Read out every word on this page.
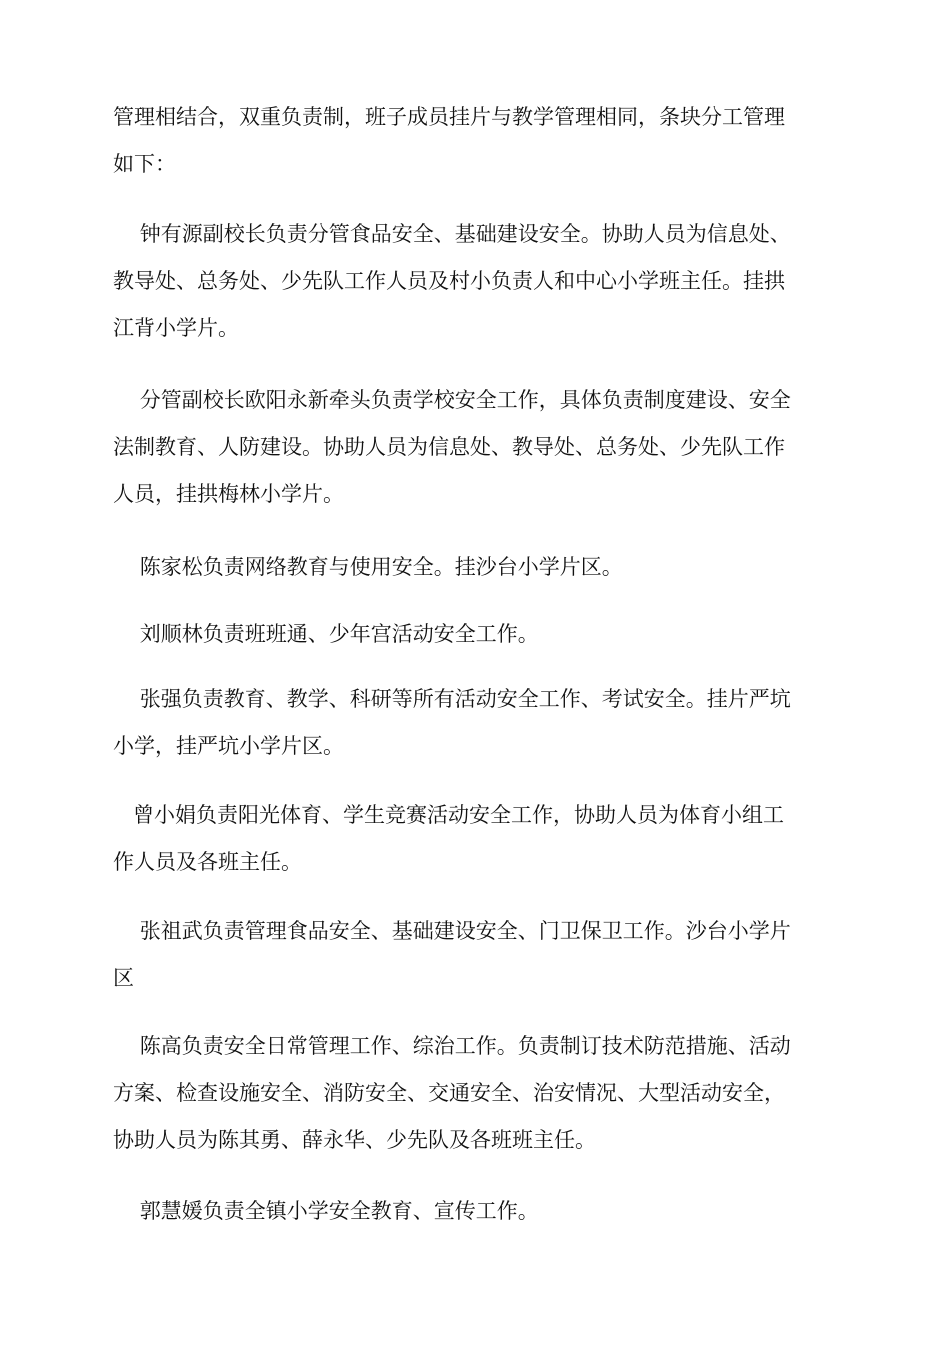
管理相结合，双重负责制，班子成员挂片与教学管理相同，条块分工管理如下：

钟有源副校长负责分管食品安全、基础建设安全。协助人员为信息处、教导处、总务处、少先队工作人员及村小负责人和中心小学班主任。挂拱江背小学片。

分管副校长欧阳永新牵头负责学校安全工作，具体负责制度建设、安全法制教育、人防建设。协助人员为信息处、教导处、总务处、少先队工作人员，挂拱梅林小学片。

陈家松负责网络教育与使用安全。挂沙台小学片区。

刘顺林负责班班通、少年宫活动安全工作。

张强负责教育、教学、科研等所有活动安全工作、考试安全。挂片严坑小学，挂严坑小学片区。

曾小娟负责阳光体育、学生竞赛活动安全工作，协助人员为体育小组工作人员及各班主任。

张祖武负责管理食品安全、基础建设安全、门卫保卫工作。沙台小学片区

陈高负责安全日常管理工作、综治工作。负责制订技术防范措施、活动方案、检查设施安全、消防安全、交通安全、治安情况、大型活动安全，协助人员为陈其勇、薛永华、少先队及各班班主任。

郭慧媛负责全镇小学安全教育、宣传工作。
